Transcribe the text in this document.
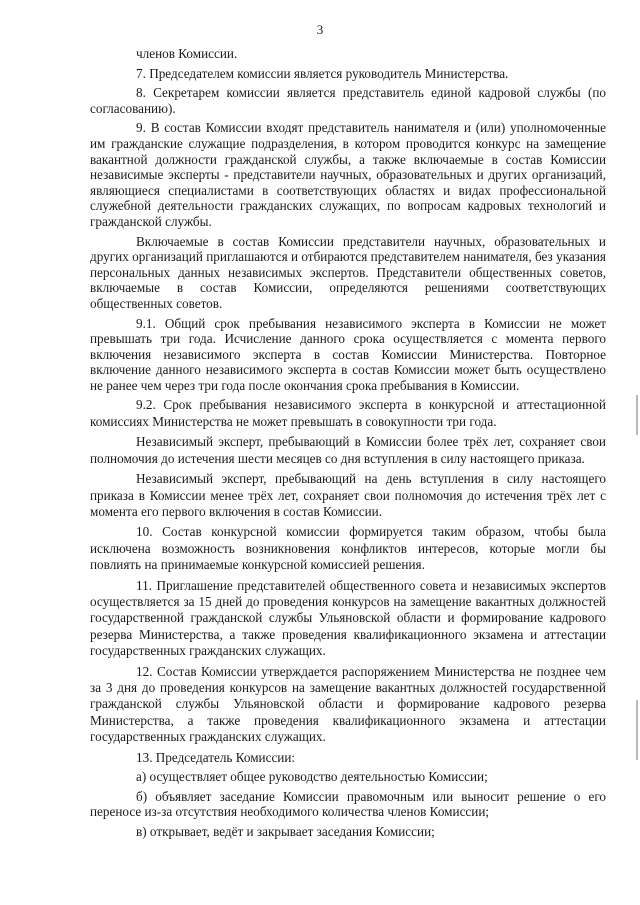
3

членов Комиссии.

7. Председателем комиссии является руководитель Министерства.

8. Секретарем комиссии является представитель единой кадровой службы (по согласованию).

9. В состав Комиссии входят представитель нанимателя и (или) уполномоченные им гражданские служащие подразделения, в котором проводится конкурс на замещение вакантной должности гражданской службы, а также включаемые в состав Комиссии независимые эксперты - представители научных, образовательных и других организаций, являющиеся специалистами в соответствующих областях и видах профессиональной служебной деятельности гражданских служащих, по вопросам кадровых технологий и гражданской службы.

Включаемые в состав Комиссии представители научных, образовательных и других организаций приглашаются и отбираются представителем нанимателя, без указания персональных данных независимых экспертов. Представители общественных советов, включаемые в состав Комиссии, определяются решениями соответствующих общественных советов.

9.1. Общий срок пребывания независимого эксперта в Комиссии не может превышать три года. Исчисление данного срока осуществляется с момента первого включения независимого эксперта в состав Комиссии Министерства. Повторное включение данного независимого эксперта в состав Комиссии может быть осуществлено не ранее чем через три года после окончания срока пребывания в Комиссии.

9.2. Срок пребывания независимого эксперта в конкурсной и аттестационной комиссиях Министерства не может превышать в совокупности три года.

Независимый эксперт, пребывающий в Комиссии более трёх лет, сохраняет свои полномочия до истечения шести месяцев со дня вступления в силу настоящего приказа.

Независимый эксперт, пребывающий на день вступления в силу настоящего приказа в Комиссии менее трёх лет, сохраняет свои полномочия до истечения трёх лет с момента его первого включения в состав Комиссии.

10. Состав конкурсной комиссии формируется таким образом, чтобы была исключена возможность возникновения конфликтов интересов, которые могли бы повлиять на принимаемые конкурсной комиссией решения.

11. Приглашение представителей общественного совета и независимых экспертов осуществляется за 15 дней до проведения конкурсов на замещение вакантных должностей государственной гражданской службы Ульяновской области и формирование кадрового резерва Министерства, а также проведения квалификационного экзамена и аттестации государственных гражданских служащих.

12. Состав Комиссии утверждается распоряжением Министерства не позднее чем за 3 дня до проведения конкурсов на замещение вакантных должностей государственной гражданской службы Ульяновской области и формирование кадрового резерва Министерства, а также проведения квалификационного экзамена и аттестации государственных гражданских служащих.

13. Председатель Комиссии:

а) осуществляет общее руководство деятельностью Комиссии;

б) объявляет заседание Комиссии правомочным или выносит решение о его переносе из-за отсутствия необходимого количества членов Комиссии;

в) открывает, ведёт и закрывает заседания Комиссии;
